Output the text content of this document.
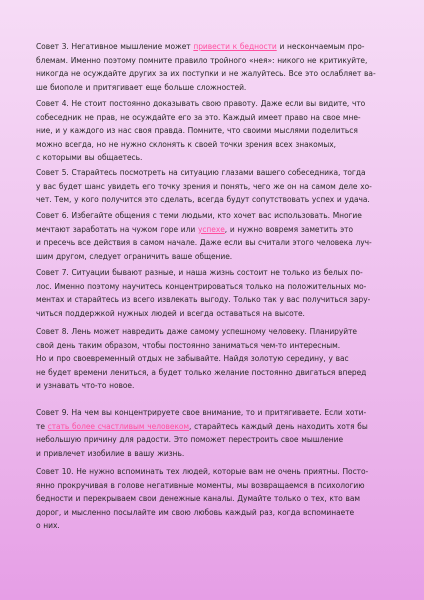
Совет 3. Негативное мышление может привести к бедности и нескончаемым про-
блемам. Именно поэтому помните правило тройного «нея»: никого не критикуйте,
никогда не осуждайте других за их поступки и не жалуйтесь. Все это ослабляет ва-
ше биополе и притягивает еще больше сложностей.

Совет 4. Не стоит постоянно доказывать свою правоту. Даже если вы видите, что
собеседник не прав, не осуждайте его за это. Каждый имеет право на свое мне-
ние, и у каждого из нас своя правда. Помните, что своими мыслями поделиться
можно всегда, но не нужно склонять к своей точки зрения всех знакомых,
с которыми вы общаетесь.

Совет 5. Старайтесь посмотреть на ситуацию глазами вашего собеседника, тогда
у вас будет шанс увидеть его точку зрения и понять, чего же он на самом деле хо-
чет. Тем, у кого получится это сделать, всегда будут сопутствовать успех и удача.

Совет 6. Избегайте общения с теми людьми, кто хочет вас использовать. Многие
мечтают заработать на чужом горе или успехе, и нужно вовремя заметить это
и пресечь все действия в самом начале. Даже если вы считали этого человека луч-
шим другом, следует ограничить ваше общение.

Совет 7. Ситуации бывают разные, и наша жизнь состоит не только из белых по-
лос. Именно поэтому научитесь концентрироваться только на положительных мо-
ментах и старайтесь из всего извлекать выгоду. Только так у вас получиться зару-
читься поддержкой нужных людей и всегда оставаться на высоте.

Совет 8. Лень может навредить даже самому успешному человеку. Планируйте
свой день таким образом, чтобы постоянно заниматься чем-то интересным.
Но и про своевременный отдых не забывайте. Найдя золотую середину, у вас
не будет времени лениться, а будет только желание постоянно двигаться вперед
и узнавать что-то новое.

Совет 9. На чем вы концентрируете свое внимание, то и притягиваете. Если хоти-
те стать более счастливым человеком, старайтесь каждый день находить хотя бы
небольшую причину для радости. Это поможет перестроить свое мышление
и привлечет изобилие в вашу жизнь.

Совет 10. Не нужно вспоминать тех людей, которые вам не очень приятны. Посто-
янно прокручивая в голове негативные моменты, мы возвращаемся в психологию
бедности и перекрываем свои денежные каналы. Думайте только о тех, кто вам
дорог, и мысленно посылайте им свою любовь каждый раз, когда вспоминаете
о них.
